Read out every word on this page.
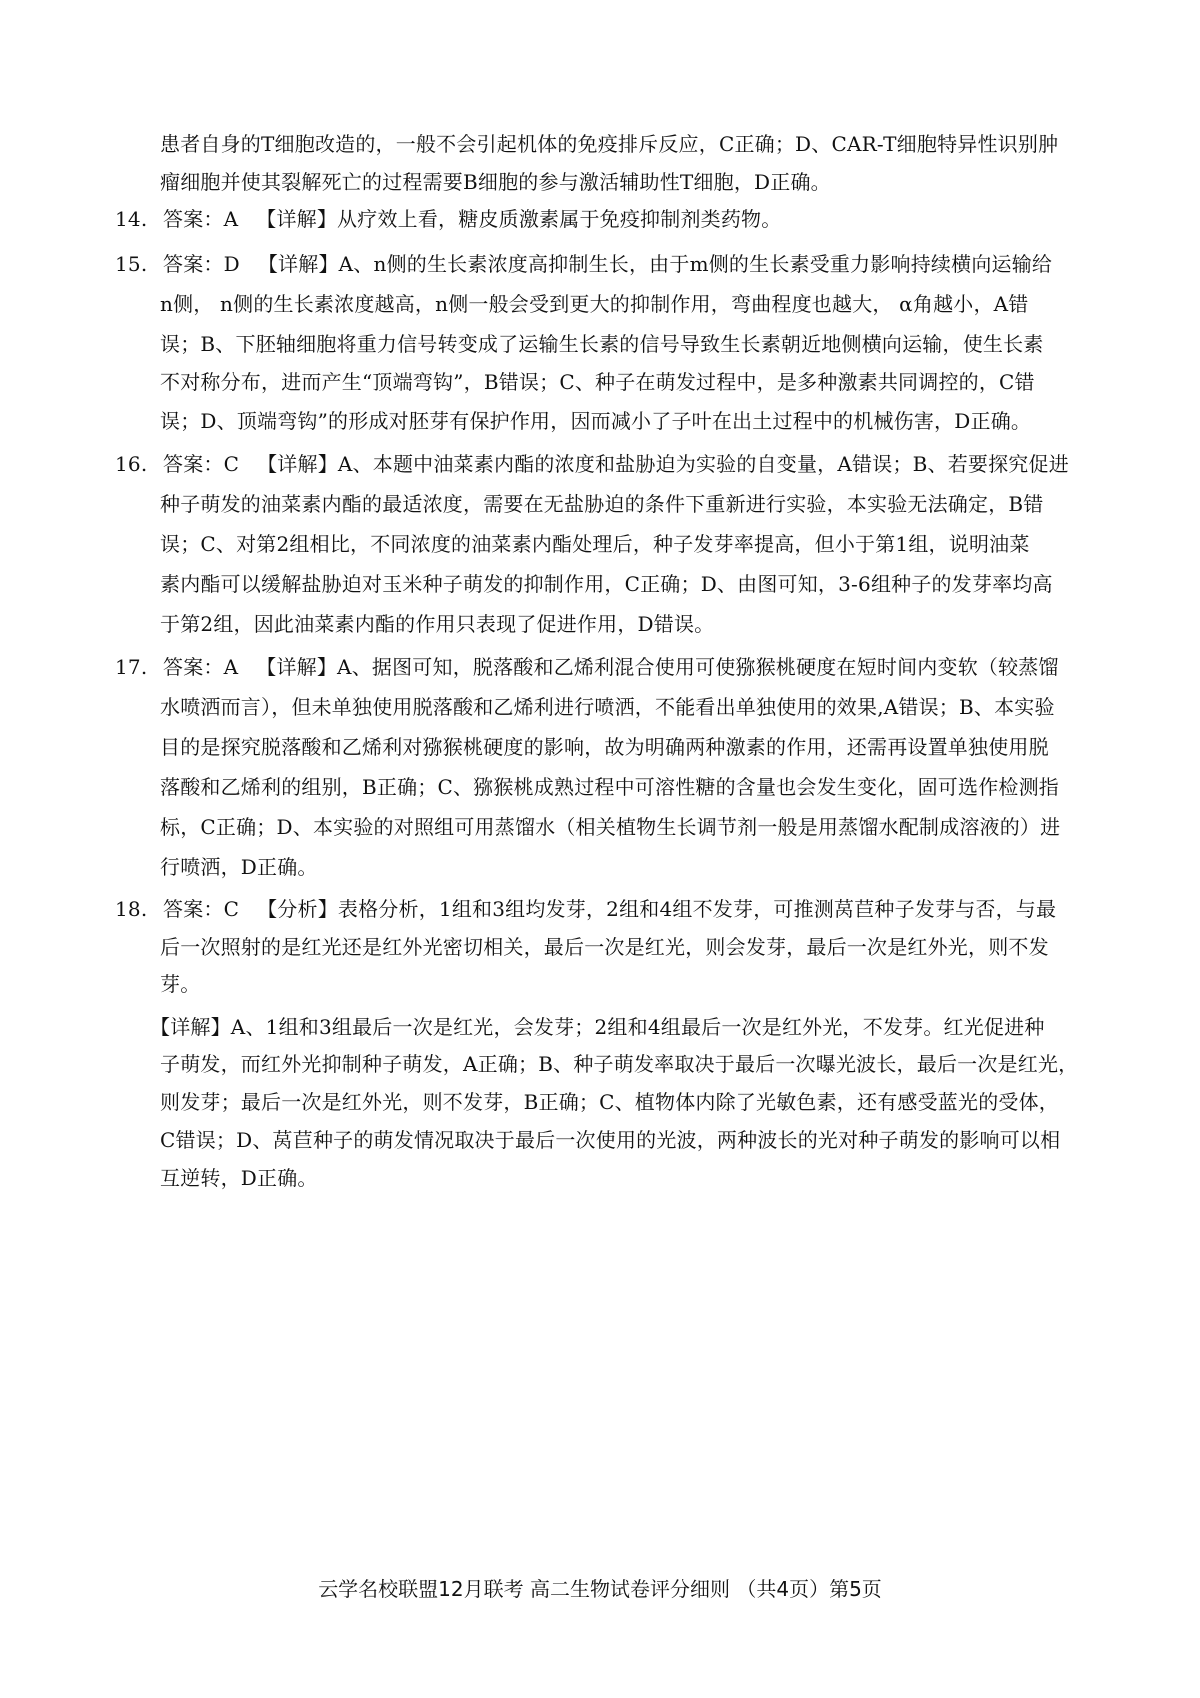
患者自身的T细胞改造的，一般不会引起机体的免疫排斥反应，C正确；D、CAR-T细胞特异性识别肿
瘤细胞并使其裂解死亡的过程需要B细胞的参与激活辅助性T细胞，D正确。
14. 答案：A 【详解】从疗效上看，糖皮质激素属于免疫抑制剂类药物。
15. 答案：D 【详解】A、n侧的生长素浓度高抑制生长，由于m侧的生长素受重力影响持续横向运输给
n侧， n侧的生长素浓度越高，n侧一般会受到更大的抑制作用，弯曲程度也越大， α角越小，A错
误；B、下胚轴细胞将重力信号转变成了运输生长素的信号导致生长素朝近地侧横向运输，使生长素
不对称分布，进而产生“顶端弯钩”，B错误；C、种子在萌发过程中，是多种激素共同调控的，C错
误；D、顶端弯钩”的形成对胚芽有保护作用，因而减小了子叶在出土过程中的机械伤害，D正确。
16. 答案：C 【详解】A、本题中油菜素内酯的浓度和盐胁迫为实验的自变量，A错误；B、若要探究促进
种子萌发的油菜素内酯的最适浓度，需要在无盐胁迫的条件下重新进行实验，本实验无法确定，B错
误；C、对第2组相比，不同浓度的油菜素内酯处理后，种子发芽率提高，但小于第1组，说明油菜
素内酯可以缓解盐胁迫对玉米种子萌发的抑制作用，C正确；D、由图可知，3-6组种子的发芽率均高
于第2组，因此油菜素内酯的作用只表现了促进作用，D错误。
17. 答案：A 【详解】A、据图可知，脱落酸和乙烯利混合使用可使猕猴桃硬度在短时间内变软（较蒸馏
水喷洒而言），但未单独使用脱落酸和乙烯利进行喷洒，不能看出单独使用的效果,A错误；B、本实验
目的是探究脱落酸和乙烯利对猕猴桃硬度的影响，故为明确两种激素的作用，还需再设置单独使用脱
落酸和乙烯利的组别，B正确；C、猕猴桃成熟过程中可溶性糖的含量也会发生变化，固可选作检测指
标，C正确；D、本实验的对照组可用蒸馏水（相关植物生长调节剂一般是用蒸馏水配制成溶液的）进
行喷洒，D正确。
18. 答案：C 【分析】表格分析，1组和3组均发芽，2组和4组不发芽，可推测莴苣种子发芽与否，与最
后一次照射的是红光还是红外光密切相关，最后一次是红光，则会发芽，最后一次是红外光，则不发
芽。
【详解】A、1组和3组最后一次是红光，会发芽；2组和4组最后一次是红外光，不发芽。红光促进种
子萌发，而红外光抑制种子萌发，A正确；B、种子萌发率取决于最后一次曝光波长，最后一次是红光，
则发芽；最后一次是红外光，则不发芽，B正确；C、植物体内除了光敏色素，还有感受蓝光的受体，
C错误；D、莴苣种子的萌发情况取决于最后一次使用的光波，两种波长的光对种子萌发的影响可以相
互逆转，D正确。
云学名校联盟12月联考 高二生物试卷评分细则 （共4页）第5页
